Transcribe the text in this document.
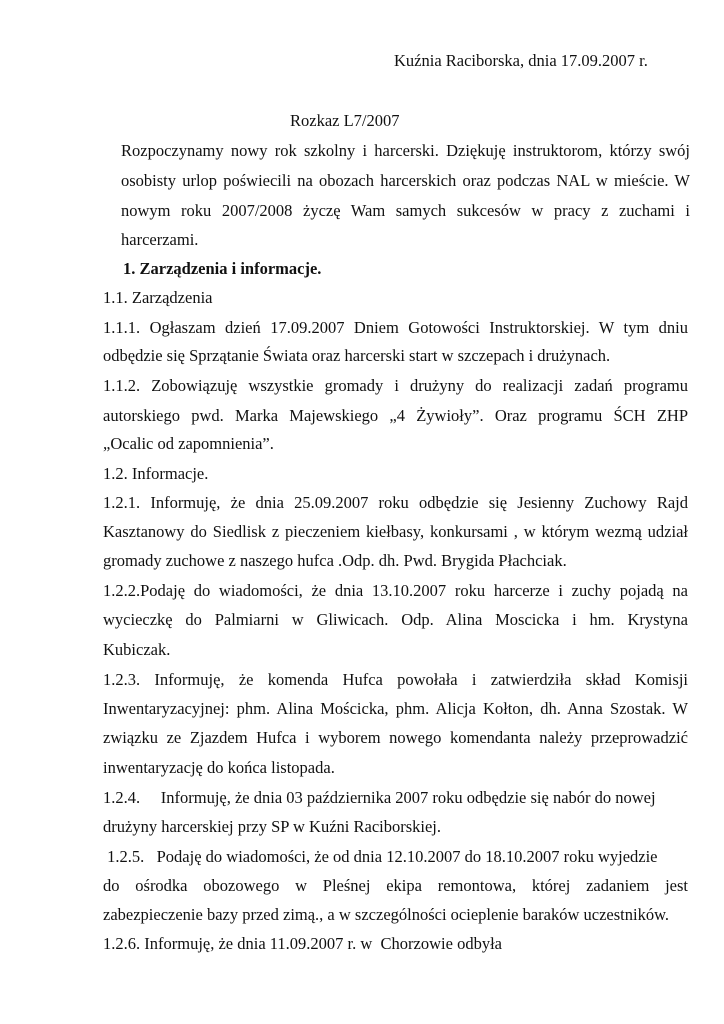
Kuźnia Raciborska, dnia 17.09.2007 r.
Rozkaz L7/2007
Rozpoczynamy nowy rok szkolny i harcerski. Dziękuję instruktorom, którzy swój
osobisty urlop poświecili na obozach harcerskich oraz podczas NAL w mieście. W
nowym roku 2007/2008 życzę Wam samych sukcesów w pracy z zuchami i
harcerzami.
1. Zarządzenia i informacje.
1.1. Zarządzenia
1.1.1. Ogłaszam dzień 17.09.2007 Dniem Gotowości Instruktorskiej. W tym dniu
odbędzie się Sprzątanie Świata oraz harcerski start w szczepach i drużynach.
1.1.2. Zobowiązuję wszystkie gromady i drużyny do realizacji zadań programu
autorskiego pwd. Marka Majewskiego „4 Żywioły”. Oraz programu ŚCH ZHP
„Ocalic od zapomnienia”.
1.2. Informacje.
1.2.1. Informuję, że dnia 25.09.2007 roku odbędzie się Jesienny Zuchowy Rajd
Kasztanowy do Siedlisk z pieczeniem kiełbasy, konkursami , w którym wezmą udział
gromady zuchowe z naszego hufca .Odp. dh. Pwd. Brygida Płachciak.
1.2.2.Podaję do wiadomości, że dnia 13.10.2007 roku harcerze i zuchy pojadą na
wycieczkę do Palmiarni w Gliwicach. Odp. Alina Moscicka i hm. Krystyna
Kubiczak.
1.2.3. Informuję, że komenda Hufca powołała i zatwierdziła skład Komisji
Inwentaryzacyjnej: phm. Alina Mościcka, phm. Alicja Kołton, dh. Anna Szostak. W
związku ze Zjazdem Hufca i wyborem nowego komendanta należy przeprowadzić
inwentaryzację do końca listopada.
1.2.4.     Informuję, że dnia 03 października 2007 roku odbędzie się nabór do nowej
drużyny harcerskiej przy SP w Kuźni Raciborskiej.
1.2.5.   Podaję do wiadomości, że od dnia 12.10.2007 do 18.10.2007 roku wyjedzie
do ośrodka obozowego w Pleśnej ekipa remontowa, której zadaniem jest
zabezpieczenie bazy przed zimą., a w szczególności ocieplenie baraków uczestników.
1.2.6. Informuję, że dnia 11.09.2007 r. w  Chorzowie odbyła
